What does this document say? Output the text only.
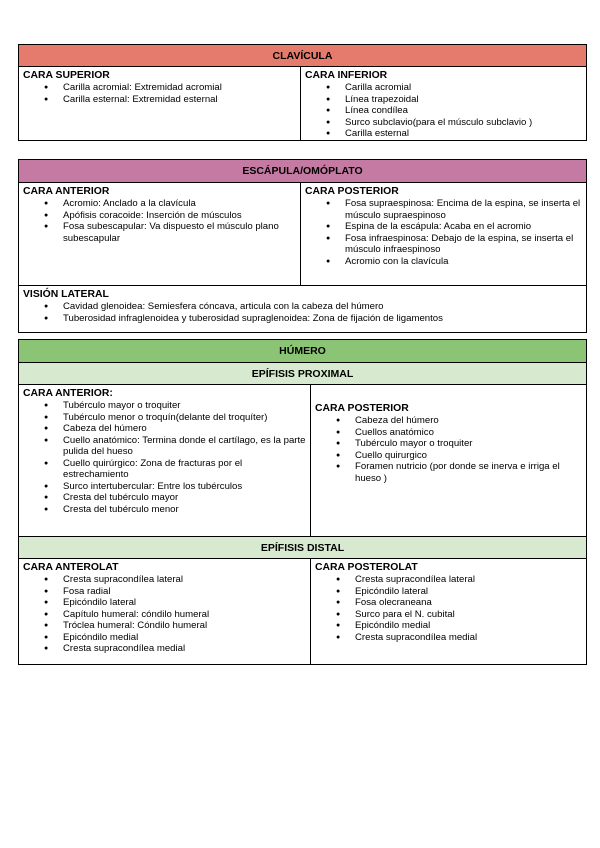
CLAVÍCULA
CARA SUPERIOR
● Carilla acromial: Extremidad acromial
● Carilla esternal: Extremidad esternal
CARA INFERIOR
● Carilla acromial
● Línea trapezoidal
● Línea condílea
● Surco subclavio(para el músculo subclavio )
● Carilla esternal
ESCÁPULA/OMÓPLATO
CARA ANTERIOR
● Acromio: Anclado a la clavícula
● Apófisis coracoide: Inserción de músculos
● Fosa subescapular: Va dispuesto el músculo plano subescapular
CARA POSTERIOR
● Fosa supraespinosa: Encima de la espina, se inserta el músculo supraespinoso
● Espina de la escápula: Acaba en el acromio
● Fosa infraespinosa: Debajo de la espina, se inserta el músculo infraespinoso
● Acromio con la clavícula
VISIÓN LATERAL
● Cavidad glenoidea: Semiesfera cóncava, articula con la cabeza del húmero
● Tuberosidad infraglenoidea y tuberosidad supraglenoidea: Zona de fijación de ligamentos
HÚMERO
EPÍFISIS PROXIMAL
CARA ANTERIOR:
● Tubérculo mayor o troquiter
● Tubérculo menor o troquín(delante del troquíter)
● Cabeza del húmero
● Cuello anatómico: Termina donde el cartílago, es la parte pulida del hueso
● Cuello quirúrgico: Zona de fracturas por el estrechamiento
● Surco intertubercular: Entre los tubérculos
● Cresta del tubérculo mayor
● Cresta del tubérculo menor
CARA POSTERIOR
● Cabeza del húmero
● Cuellos anatómico
● Tubérculo mayor o troquiter
● Cuello quirurgico
● Foramen nutricio (por donde se inerva e irriga el hueso )
EPÍFISIS DISTAL
CARA ANTEROLAT
● Cresta supracondílea lateral
● Fosa radial
● Epicóndilo lateral
● Capítulo humeral: cóndilo humeral
● Tróclea humeral: Cóndilo humeral
● Epicóndilo medial
● Cresta supracondílea medial
CARA POSTEROLAT
● Cresta supracondílea lateral
● Epicóndilo lateral
● Fosa olecraneana
● Surco para el N. cubital
● Epicóndilo medial
● Cresta supracondílea medial
